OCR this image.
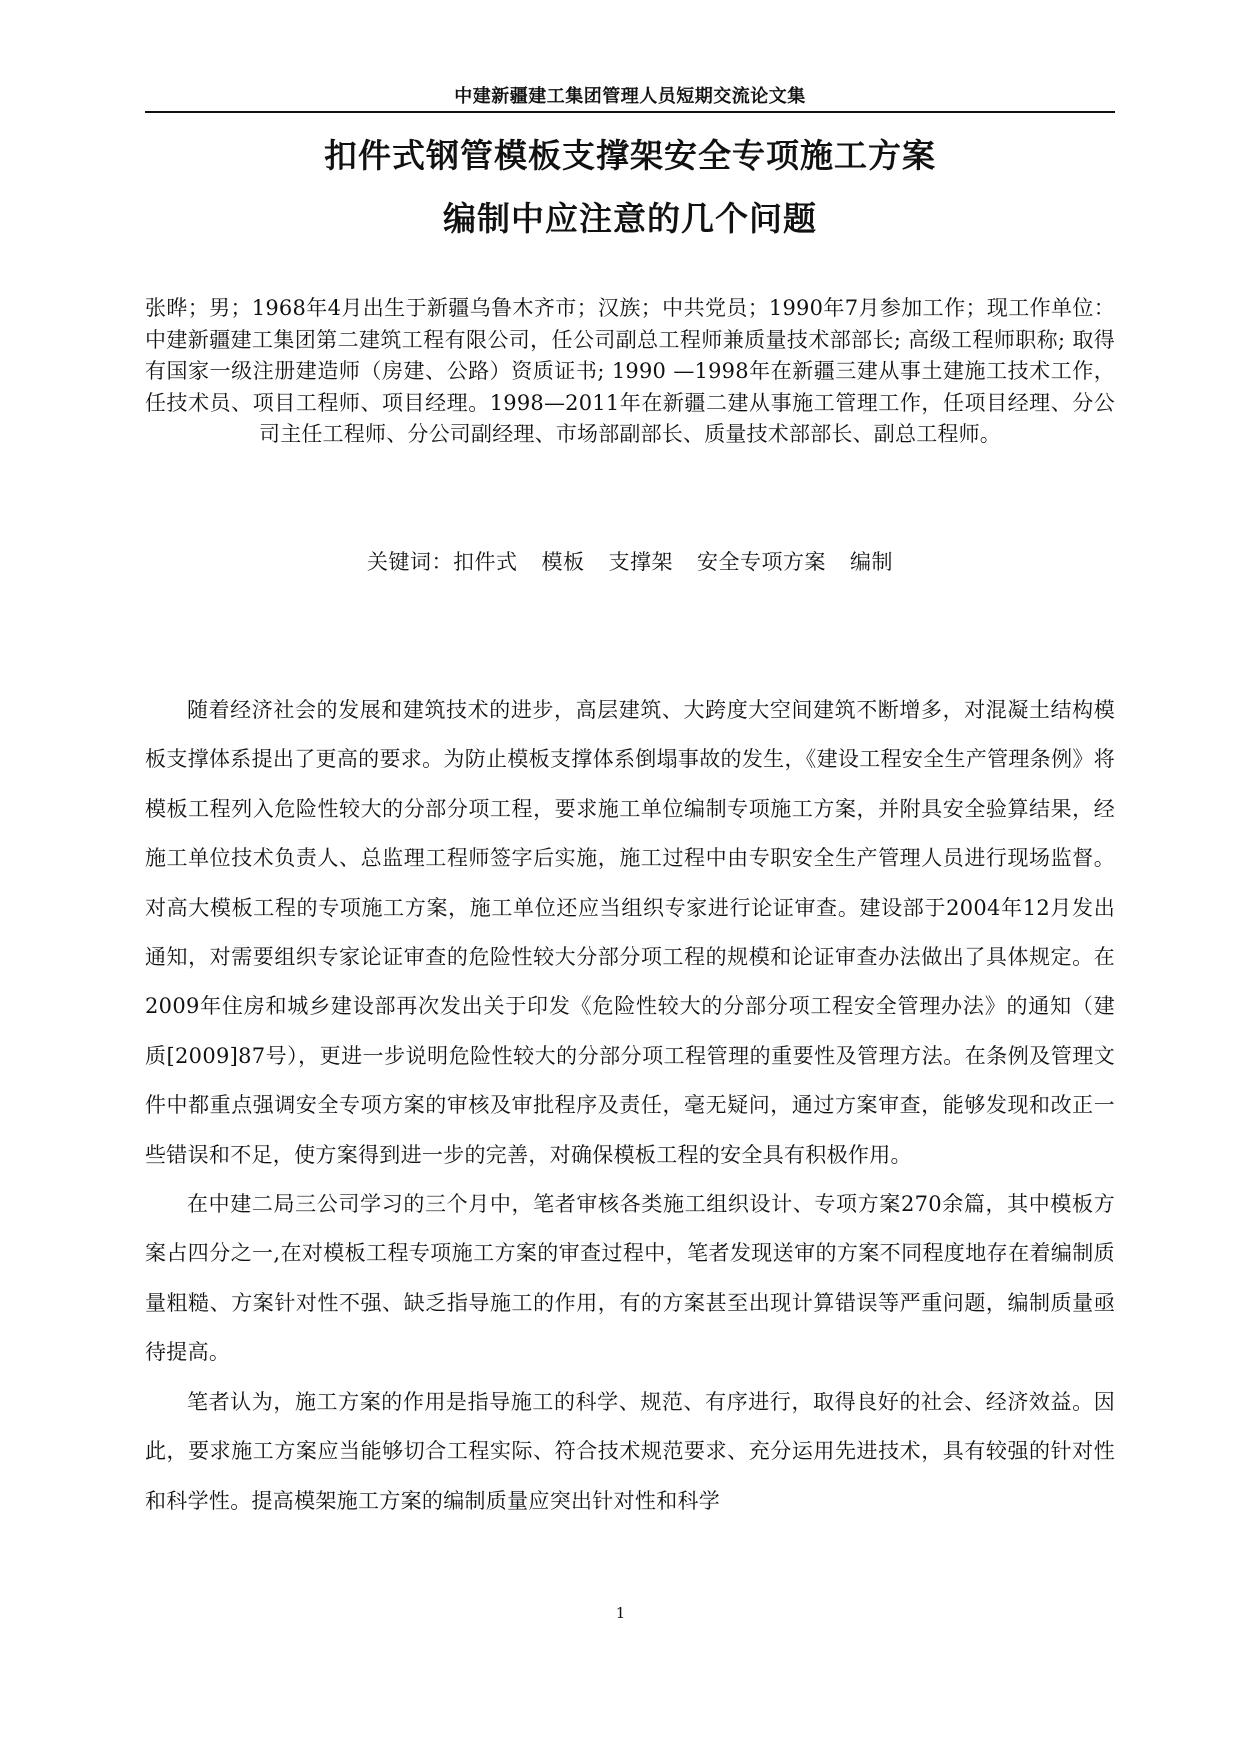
中建新疆建工集团管理人员短期交流论文集
扣件式钢管模板支撑架安全专项施工方案
编制中应注意的几个问题
张晔；男；1968年4月出生于新疆乌鲁木齐市；汉族；中共党员；1990年7月参加工作；现工作单位：中建新疆建工集团第二建筑工程有限公司，任公司副总工程师兼质量技术部部长; 高级工程师职称; 取得有国家一级注册建造师（房建、公路）资质证书; 1990 —1998年在新疆三建从事土建施工技术工作，任技术员、项目工程师、项目经理。1998—2011年在新疆二建从事施工管理工作，任项目经理、分公司主任工程师、分公司副经理、市场部副部长、质量技术部部长、副总工程师。
关键词：扣件式 模板 支撑架 安全专项方案 编制

随着经济社会的发展和建筑技术的进步，高层建筑、大跨度大空间建筑不断增多，对混凝土结构模板支撑体系提出了更高的要求。为防止模板支撑体系倒塌事故的发生，《建设工程安全生产管理条例》将模板工程列入危险性较大的分部分项工程，要求施工单位编制专项施工方案，并附具安全验算结果，经施工单位技术负责人、总监理工程师签字后实施，施工过程中由专职安全生产管理人员进行现场监督。对高大模板工程的专项施工方案，施工单位还应当组织专家进行论证审查。建设部于2004年12月发出通知，对需要组织专家论证审查的危险性较大分部分项工程的规模和论证审查办法做出了具体规定。在2009年住房和城乡建设部再次发出关于印发《危险性较大的分部分项工程安全管理办法》的通知（建质[2009]87号），更进一步说明危险性较大的分部分项工程管理的重要性及管理方法。在条例及管理文件中都重点强调安全专项方案的审核及审批程序及责任，毫无疑问，通过方案审查，能够发现和改正一些错误和不足，使方案得到进一步的完善，对确保模板工程的安全具有积极作用。

在中建二局三公司学习的三个月中，笔者审核各类施工组织设计、专项方案270余篇，其中模板方案占四分之一,在对模板工程专项施工方案的审查过程中，笔者发现送审的方案不同程度地存在着编制质量粗糙、方案针对性不强、缺乏指导施工的作用，有的方案甚至出现计算错误等严重问题，编制质量亟待提高。

笔者认为，施工方案的作用是指导施工的科学、规范、有序进行，取得良好的社会、经济效益。因此，要求施工方案应当能够切合工程实际、符合技术规范要求、充分运用先进技术，具有较强的针对性和科学性。提高模架施工方案的编制质量应突出针对性和科学

1
